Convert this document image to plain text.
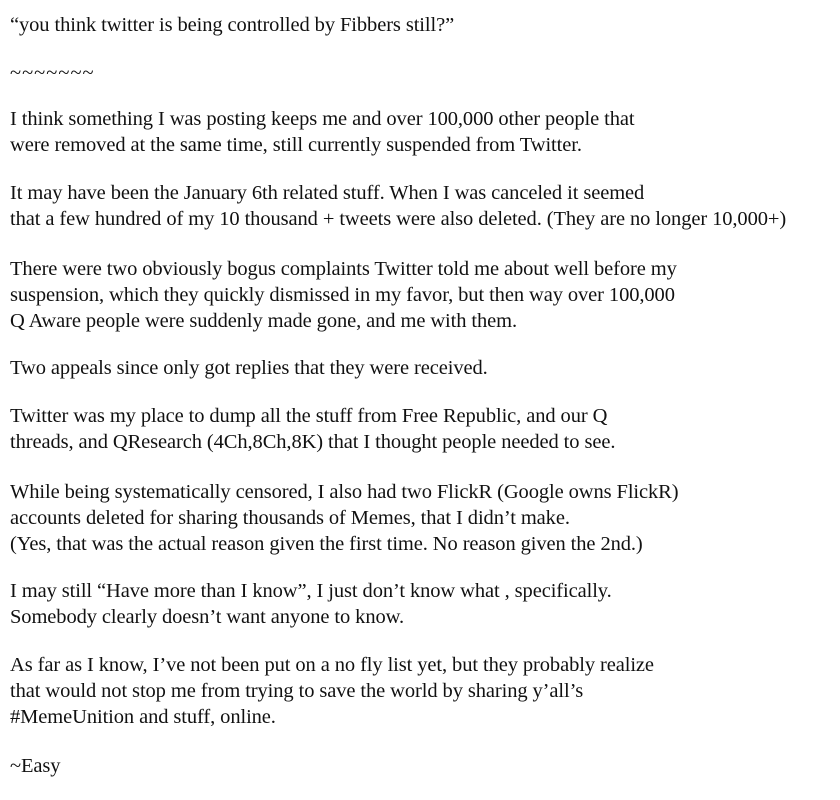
“you think twitter is being controlled by Fibbers still?”

~~~~~~~

I think something I was posting keeps me and over 100,000 other people that
were removed at the same time, still currently suspended from Twitter.

It may have been the January 6th related stuff. When I was canceled it seemed
that a few hundred of my 10 thousand + tweets were also deleted. (They are no longer 10,000+)

There were two obviously bogus complaints Twitter told me about well before my
suspension, which they quickly dismissed in my favor, but then way over 100,000
Q Aware people were suddenly made gone, and me with them.

Two appeals since only got replies that they were received.

Twitter was my place to dump all the stuff from Free Republic, and our Q
threads, and QResearch (4Ch,8Ch,8K) that I thought people needed to see.

While being systematically censored, I also had two FlickR (Google owns FlickR)
accounts deleted for sharing thousands of Memes, that I didn’t make.
(Yes, that was the actual reason given the first time. No reason given the 2nd.)

I may still “Have more than I know”, I just don’t know what , specifically.
Somebody clearly doesn’t want anyone to know.

As far as I know, I’ve not been put on a no fly list yet, but they probably realize
that would not stop me from trying to save the world by sharing y’all’s
#MemeUnition and stuff, online.

~Easy
